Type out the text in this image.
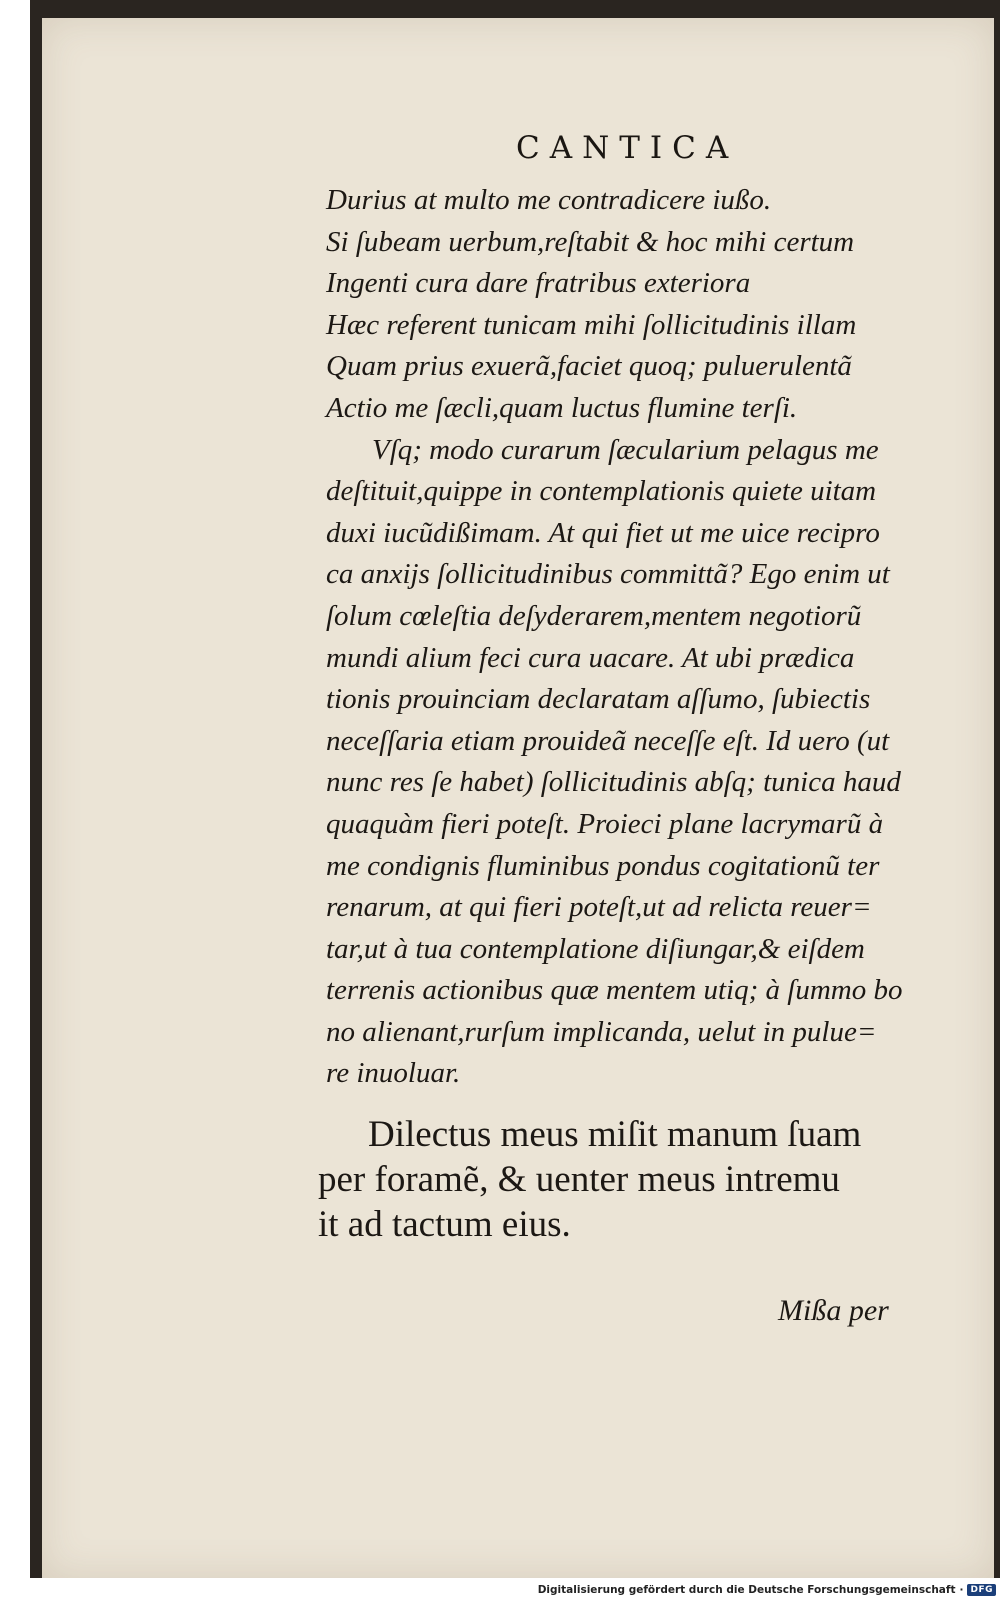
CANTICA
Durius at multo me contradicere iußo.
Si ſubeam uerbum,reſtabit & hoc mihi certum
Ingenti cura dare fratribus exteriora
Hæc referent tunicam mihi ſollicitudinis illam
Quam prius exuerã,faciet quoq; puluerulentã
Actio me ſæcli,quam luctus flumine terſi.
Vſq; modo curarum ſæcularium pelagus me
deſtituit,quippe in contemplationis quiete uitam
duxi iucũdißimam. At qui fiet ut me uice recipro
ca anxijs ſollicitudinibus committã? Ego enim ut
ſolum cœleſtia deſyderarem,mentem negotiorũ
mundi alium feci cura uacare. At ubi prædica
tionis prouinciam declaratam aſſumo, ſubiectis
neceſſaria etiam prouideã neceſſe eſt. Id uero (ut
nunc res ſe habet) ſollicitudinis abſq; tunica haud
quaquàm fieri poteſt. Proieci plane lacrymarũ à
me condignis fluminibus pondus cogitationũ ter
renarum, at qui fieri poteſt,ut ad relicta reuer=
tar,ut à tua contemplatione diſiungar,& eiſdem
terrenis actionibus quæ mentem utiq; à ſummo bo
no alienant,rurſum implicanda, uelut in pulue=
re inuoluar.
Dilectus meus miſit manum ſuam
per foramẽ, & uenter meus intremu
it ad tactum eius.
Mißa per
Digitalisierung gefördert durch die Deutsche Forschungsgemeinschaft · DFG
